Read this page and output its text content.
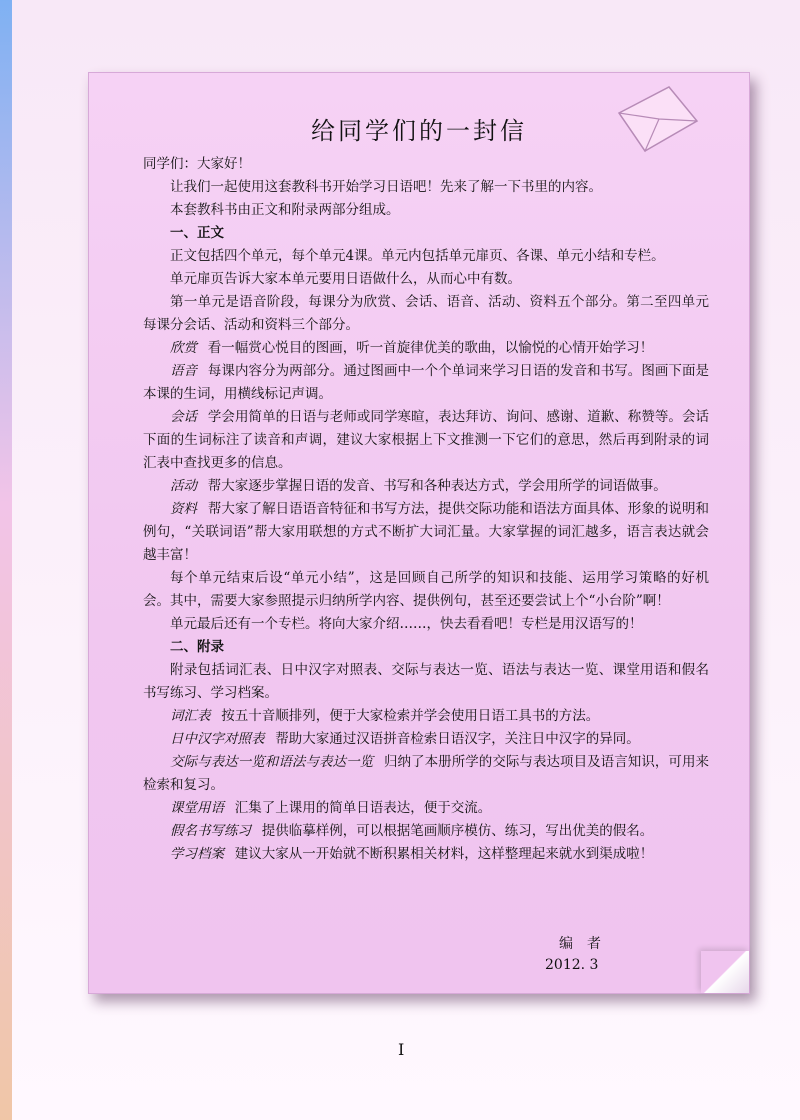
给同学们的一封信

同学们：大家好！

让我们一起使用这套教科书开始学习日语吧！先来了解一下书里的内容。

本套教科书由正文和附录两部分组成。

一、正文

正文包括四个单元，每个单元4课。单元内包括单元扉页、各课、单元小结和专栏。

单元扉页告诉大家本单元要用日语做什么，从而心中有数。

第一单元是语音阶段，每课分为欣赏、会话、语音、活动、资料五个部分。第二至四单元每课分会话、活动和资料三个部分。

欣赏 看一幅赏心悦目的图画，听一首旋律优美的歌曲，以愉悦的心情开始学习！

语音 每课内容分为两部分。通过图画中一个个单词来学习日语的发音和书写。图画下面是本课的生词，用横线标记声调。

会话 学会用简单的日语与老师或同学寒暄，表达拜访、询问、感谢、道歉、称赞等。会话下面的生词标注了读音和声调，建议大家根据上下文推测一下它们的意思，然后再到附录的词汇表中查找更多的信息。

活动 帮大家逐步掌握日语的发音、书写和各种表达方式，学会用所学的词语做事。

资料 帮大家了解日语语音特征和书写方法，提供交际功能和语法方面具体、形象的说明和例句，“关联词语”帮大家用联想的方式不断扩大词汇量。大家掌握的词汇越多，语言表达就会越丰富！

每个单元结束后设“单元小结”，这是回顾自己所学的知识和技能、运用学习策略的好机会。其中，需要大家参照提示归纳所学内容、提供例句，甚至还要尝试上个“小台阶”啊！

单元最后还有一个专栏。将向大家介绍……，快去看看吧！专栏是用汉语写的！

二、附录

附录包括词汇表、日中汉字对照表、交际与表达一览、语法与表达一览、课堂用语和假名书写练习、学习档案。

词汇表 按五十音顺排列，便于大家检索并学会使用日语工具书的方法。

日中汉字对照表 帮助大家通过汉语拼音检索日语汉字，关注日中汉字的异同。

交际与表达一览和语法与表达一览 归纳了本册所学的交际与表达项目及语言知识，可用来检索和复习。

课堂用语 汇集了上课用的简单日语表达，便于交流。

假名书写练习 提供临摹样例，可以根据笔画顺序模仿、练习，写出优美的假名。

学习档案 建议大家从一开始就不断积累相关材料，这样整理起来就水到渠成啦！

编　者
2012. 3
I
